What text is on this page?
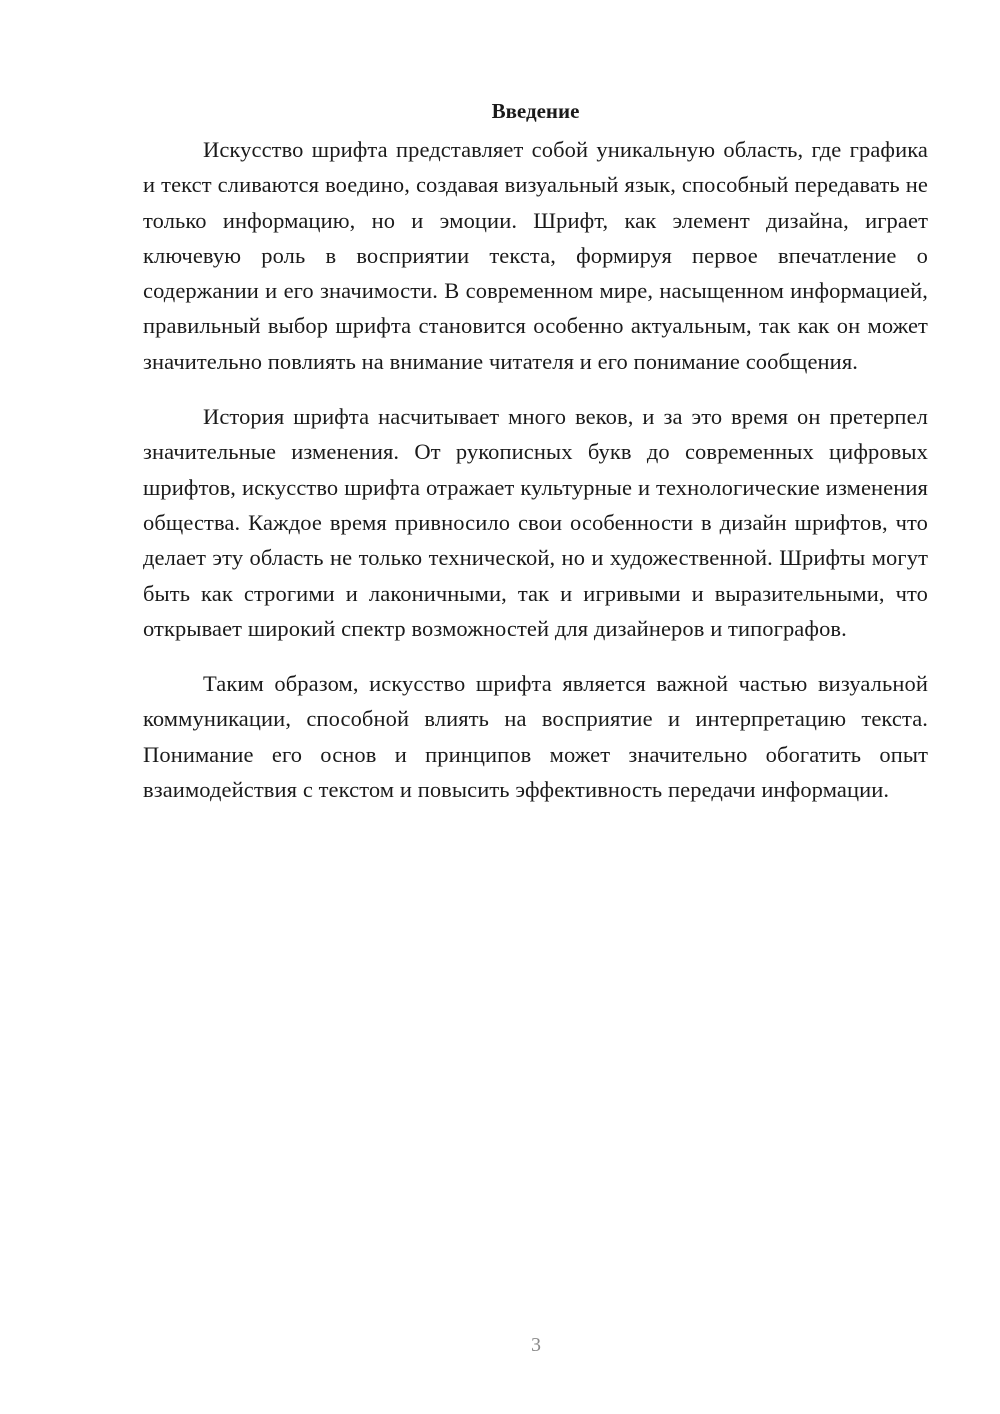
Введение

Искусство шрифта представляет собой уникальную область, где графика и текст сливаются воедино, создавая визуальный язык, способный передавать не только информацию, но и эмоции. Шрифт, как элемент дизайна, играет ключевую роль в восприятии текста, формируя первое впечатление о содержании и его значимости. В современном мире, насыщенном информацией, правильный выбор шрифта становится особенно актуальным, так как он может значительно повлиять на внимание читателя и его понимание сообщения.

История шрифта насчитывает много веков, и за это время он претерпел значительные изменения. От рукописных букв до современных цифровых шрифтов, искусство шрифта отражает культурные и технологические изменения общества. Каждое время привносило свои особенности в дизайн шрифтов, что делает эту область не только технической, но и художественной. Шрифты могут быть как строгими и лаконичными, так и игривыми и выразительными, что открывает широкий спектр возможностей для дизайнеров и типографов.

Таким образом, искусство шрифта является важной частью визуальной коммуникации, способной влиять на восприятие и интерпретацию текста. Понимание его основ и принципов может значительно обогатить опыт взаимодействия с текстом и повысить эффективность передачи информации.

3
